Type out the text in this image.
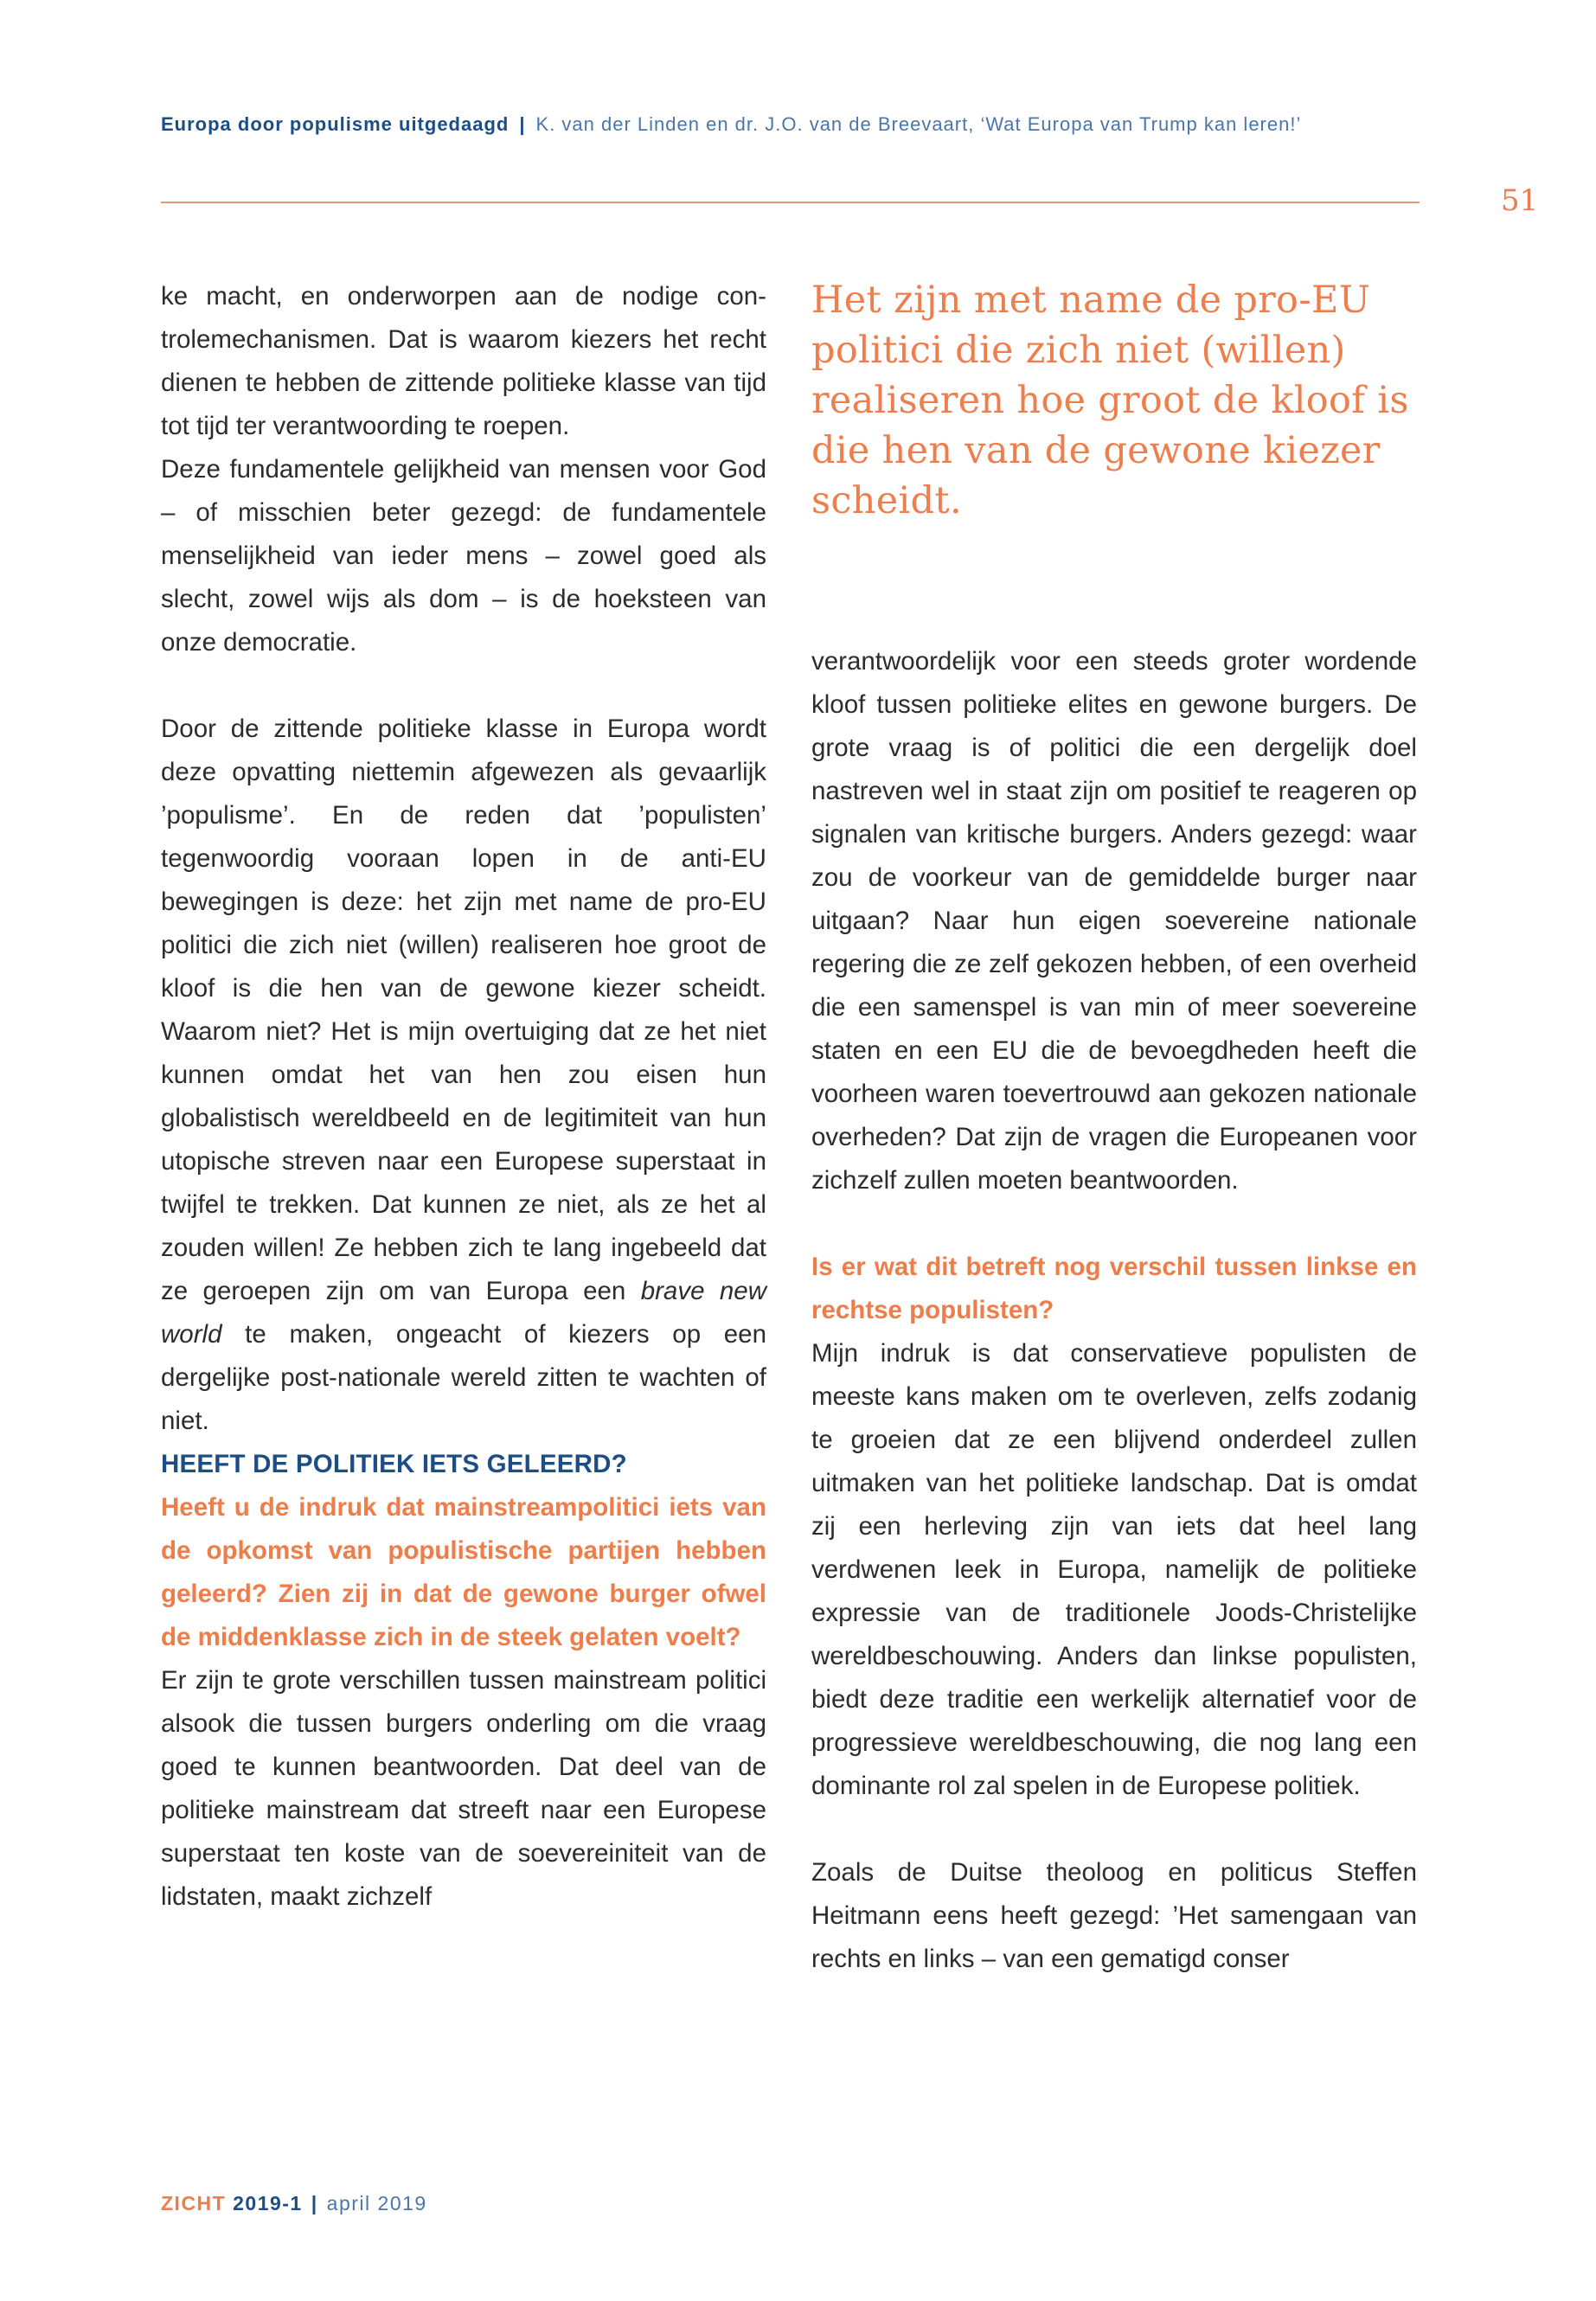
Europa door populisme uitgedaagd | K. van der Linden en dr. J.O. van de Breevaart, ‘Wat Europa van Trump kan leren!’
51

ke macht, en onderworpen aan de nodige controlemechanismen. Dat is waarom kiezers het recht dienen te hebben de zittende politieke klasse van tijd tot tijd ter verantwoording te roepen.

Deze fundamentele gelijkheid van mensen voor God – of misschien beter gezegd: de fundamentele menselijkheid van ieder mens – zowel goed als slecht, zowel wijs als dom – is de hoeksteen van onze democratie.

Door de zittende politieke klasse in Europa wordt deze opvatting niettemin afgewezen als gevaarlijk ’populisme’. En de reden dat ’populisten’ tegenwoordig vooraan lopen in de anti-EU bewegingen is deze: het zijn met name de pro-EU politici die zich niet (willen) realiseren hoe groot de kloof is die hen van de gewone kiezer scheidt. Waarom niet? Het is mijn overtuiging dat ze het niet kunnen omdat het van hen zou eisen hun globalistisch wereldbeeld en de legitimiteit van hun utopische streven naar een Europese superstaat in twijfel te trekken. Dat kunnen ze niet, als ze het al zouden willen! Ze hebben zich te lang ingebeeld dat ze geroepen zijn om van Europa een brave new world te maken, ongeacht of kiezers op een dergelijke post-nationale wereld zitten te wachten of niet.

HEEFT DE POLITIEK IETS GELEERD?

Heeft u de indruk dat mainstreampolitici iets van de opkomst van populistische partijen hebben geleerd? Zien zij in dat de gewone burger ofwel de middenklasse zich in de steek gelaten voelt?

Er zijn te grote verschillen tussen mainstream politici alsook die tussen burgers onderling om die vraag goed te kunnen beantwoorden. Dat deel van de politieke mainstream dat streeft naar een Europese superstaat ten koste van de soevereiniteit van de lidstaten, maakt zichzelf

Het zijn met name de pro-EU politici die zich niet (willen) realiseren hoe groot de kloof is die hen van de gewone kiezer scheidt.

verantwoordelijk voor een steeds groter wordende kloof tussen politieke elites en gewone burgers. De grote vraag is of politici die een dergelijk doel nastreven wel in staat zijn om positief te reageren op signalen van kritische burgers. Anders gezegd: waar zou de voorkeur van de gemiddelde burger naar uitgaan? Naar hun eigen soevereine nationale regering die ze zelf gekozen hebben, of een overheid die een samenspel is van min of meer soevereine staten en een EU die de bevoegdheden heeft die voorheen waren toevertrouwd aan gekozen nationale overheden? Dat zijn de vragen die Europeanen voor zichzelf zullen moeten beantwoorden.

Is er wat dit betreft nog verschil tussen linkse en rechtse populisten?

Mijn indruk is dat conservatieve populisten de meeste kans maken om te overleven, zelfs zodanig te groeien dat ze een blijvend onderdeel zullen uitmaken van het politieke landschap. Dat is omdat zij een herleving zijn van iets dat heel lang verdwenen leek in Europa, namelijk de politieke expressie van de traditionele Joods-Christelijke wereldbeschouwing. Anders dan linkse populisten, biedt deze traditie een werkelijk alternatief voor de progressieve wereldbeschouwing, die nog lang een dominante rol zal spelen in de Europese politiek.

Zoals de Duitse theoloog en politicus Steffen Heitmann eens heeft gezegd: ’Het samengaan van rechts en links – van een gematigd conser

ZICHT 2019-1 | april 2019
